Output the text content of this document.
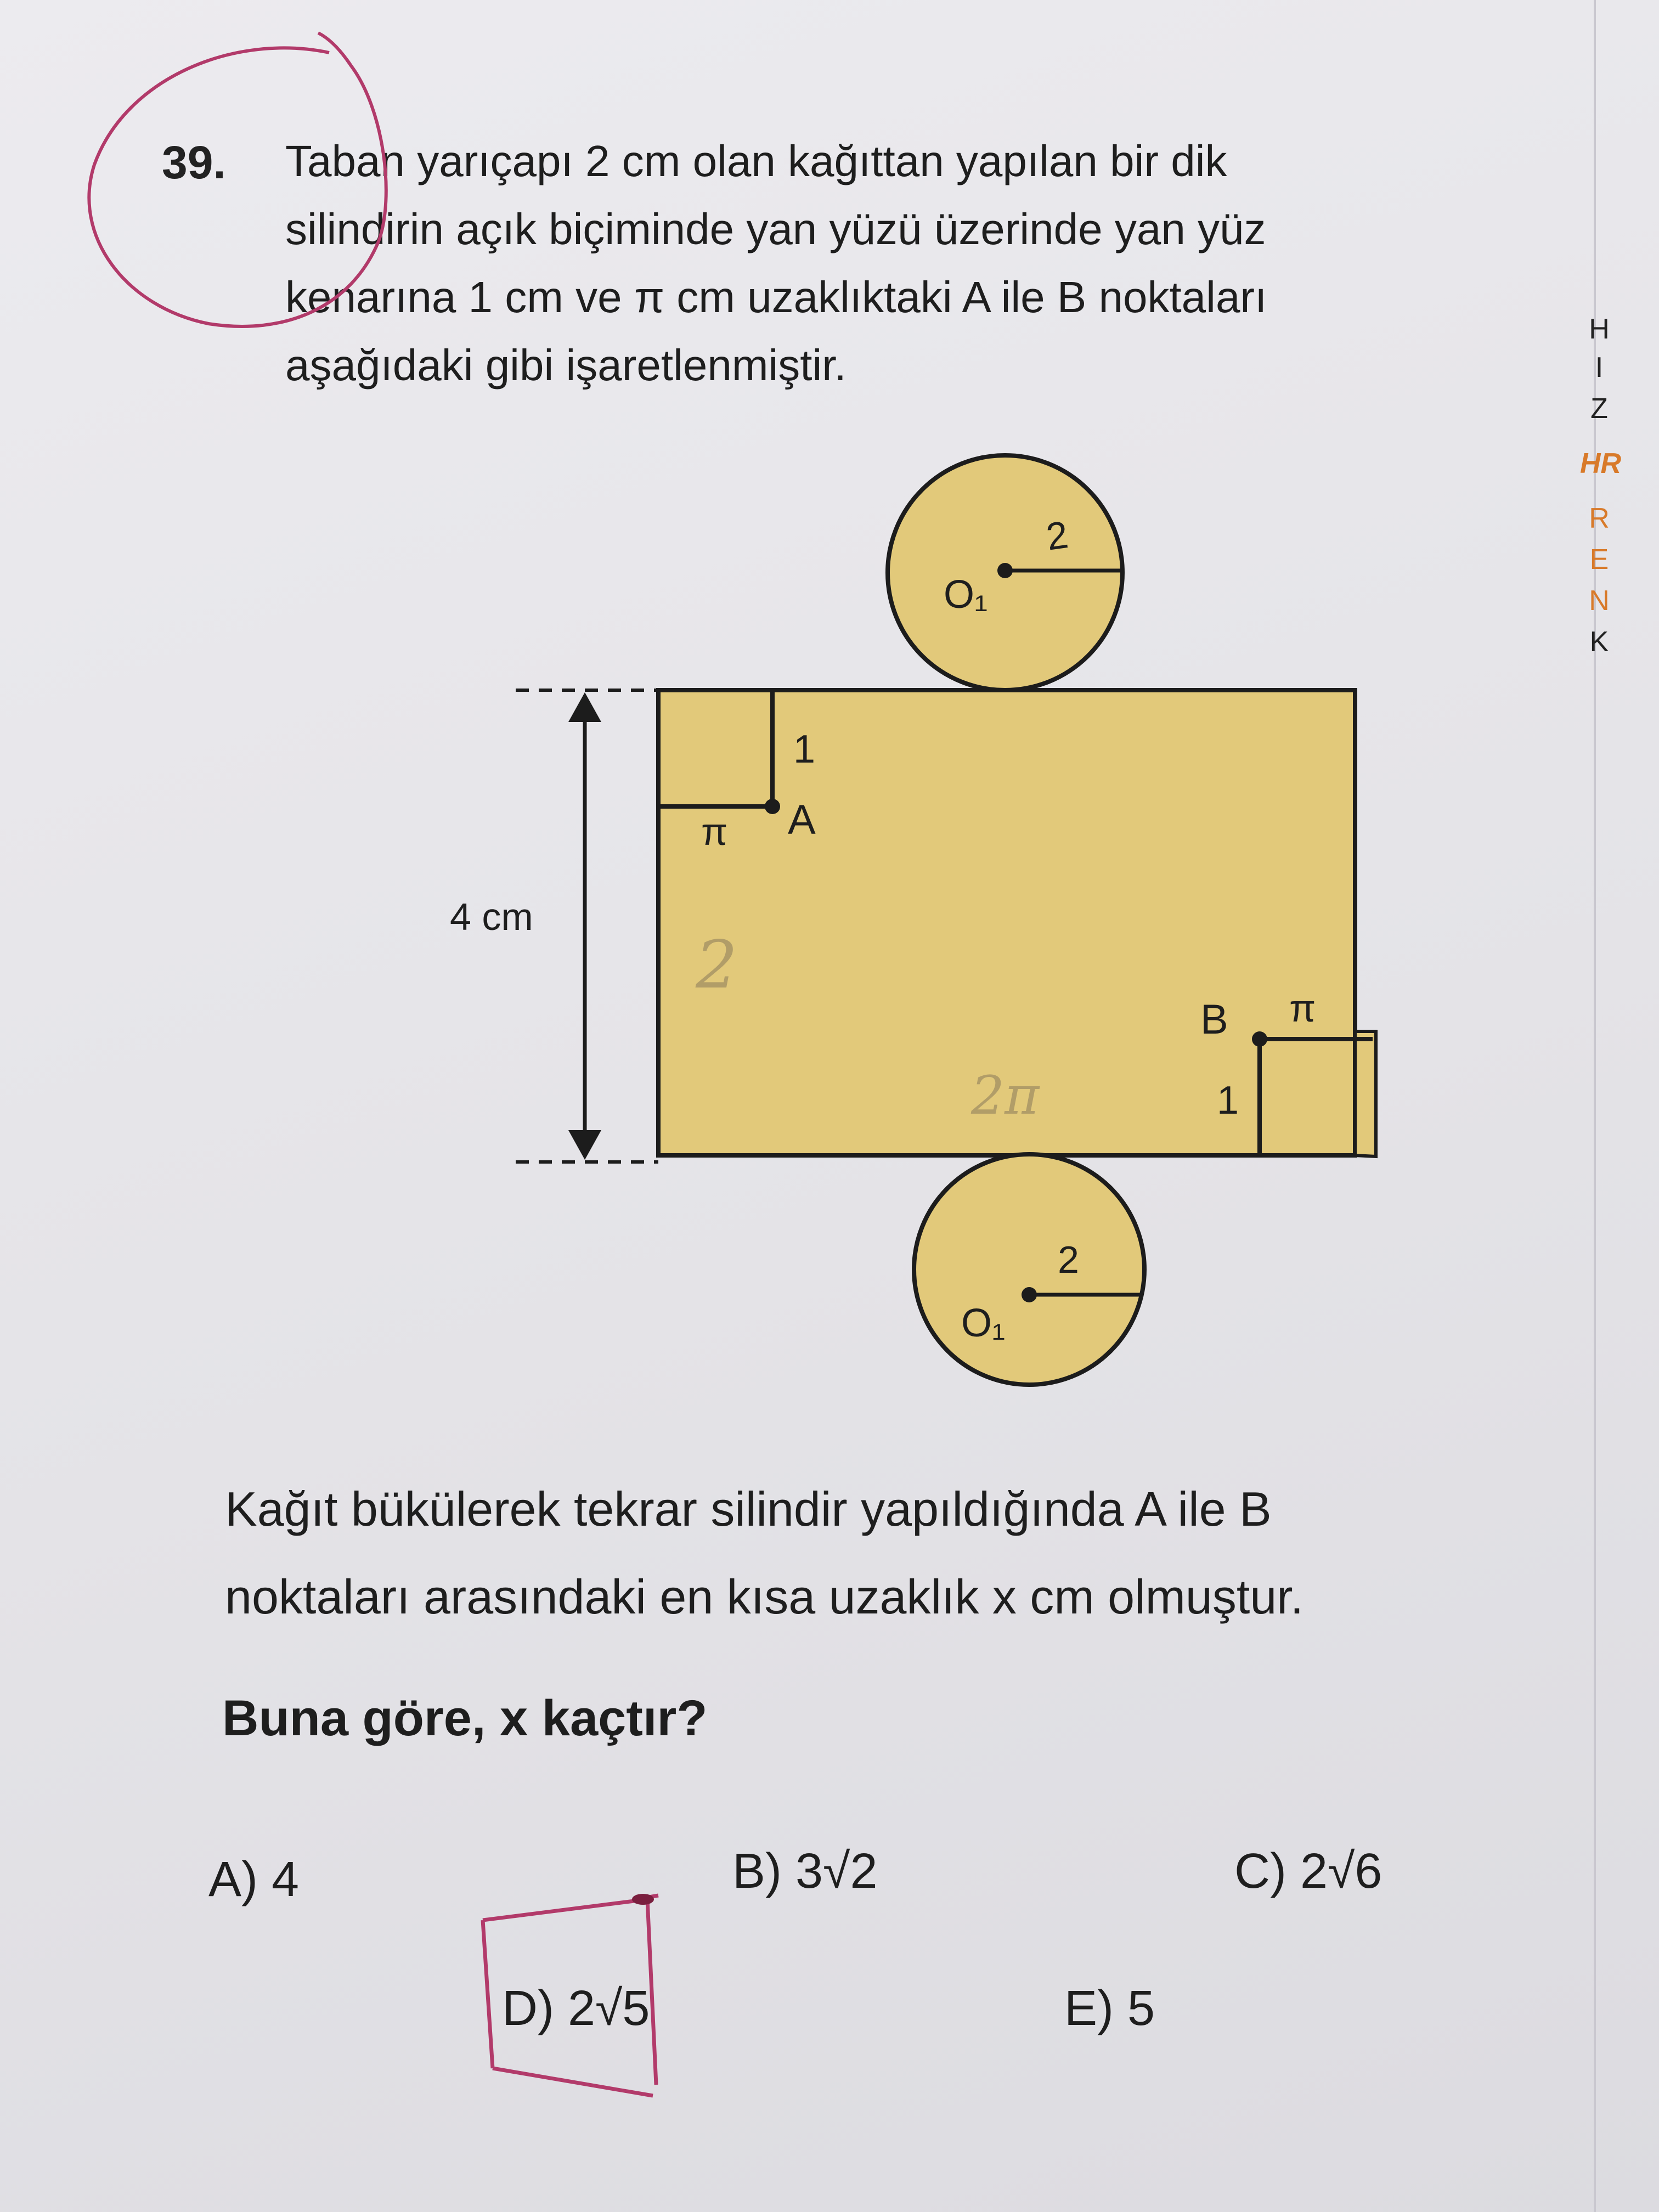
39. Taban yarıçapı 2 cm olan kağıttan yapılan bir dik
silindirin açık biçiminde yan yüzü üzerinde yan yüz
kenarına 1 cm ve π cm uzaklıktaki A ile B noktaları
aşağıdaki gibi işaretlenmiştir.
4 cm
2
O₁
2
O₁
1
A
π
B π
1
2
2π
Kağıt bükülerek tekrar silindir yapıldığında A ile B
noktaları arasındaki en kısa uzaklık x cm olmuştur.
Buna göre, x kaçtır?
A) 4	B) 3√2	C) 2√6
D) 2√5	E) 5
H
I
Z
HR
R
E
N
K
